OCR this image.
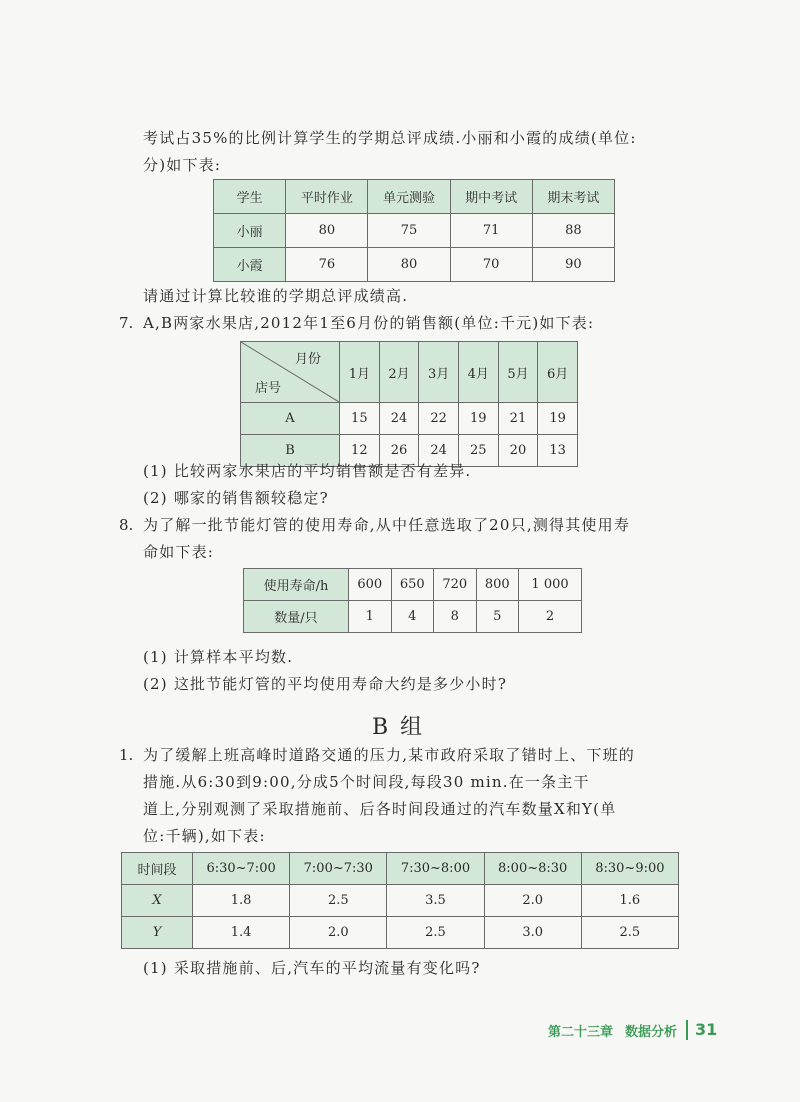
考试占35%的比例计算学生的学期总评成绩.小丽和小霞的成绩(单位:
分)如下表:
学生	平时作业	单元测验	期中考试	期末考试
小丽	80	75	71	88
小霞	76	80	70	90
请通过计算比较谁的学期总评成绩高.
7. A,B两家水果店,2012年1至6月份的销售额(单位:千元)如下表:
月份
店号	1月	2月	3月	4月	5月	6月
A	15	24	22	19	21	19
B	12	26	24	25	20	13
(1) 比较两家水果店的平均销售额是否有差异.
(2) 哪家的销售额较稳定?
8. 为了解一批节能灯管的使用寿命,从中任意选取了20只,测得其使用寿
命如下表:
使用寿命/h	600	650	720	800	1 000
数量/只	1	4	8	5	2
(1) 计算样本平均数.
(2) 这批节能灯管的平均使用寿命大约是多少小时?
B组
1. 为了缓解上班高峰时道路交通的压力,某市政府采取了错时上、下班的
措施.从6:30到9:00,分成5个时间段,每段30 min.在一条主干
道上,分别观测了采取措施前、后各时间段通过的汽车数量X和Y(单
位:千辆),如下表:
时间段	6:30~7:00	7:00~7:30	7:30~8:00	8:00~8:30	8:30~9:00
X	1.8	2.5	3.5	2.0	1.6
Y	1.4	2.0	2.5	3.0	2.5
(1) 采取措施前、后,汽车的平均流量有变化吗?
第二十三章 数据分析 31
